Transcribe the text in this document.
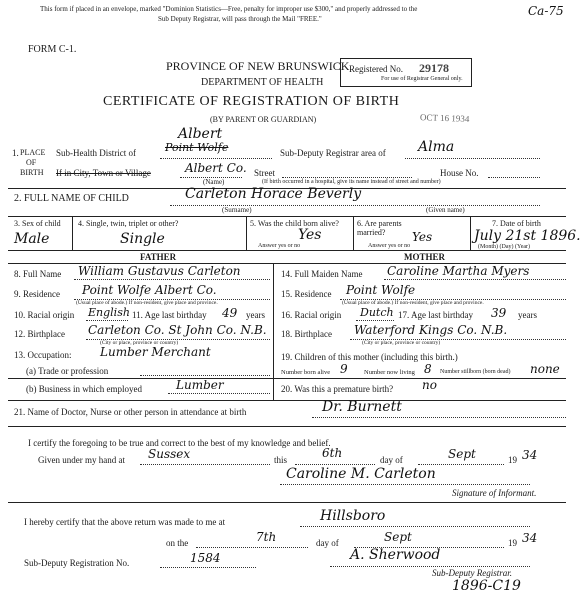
This form if placed in an envelope, marked "Dominion Statistics—Free, penalty for improper use $300," and properly addressed to the
Sub Deputy Registrar, will pass through the Mail "FREE."
Ca-75
FORM C-1.
PROVINCE OF NEW BRUNSWICK
DEPARTMENT OF HEALTH
CERTIFICATE OF REGISTRATION OF BIRTH
(BY PARENT OR GUARDIAN)
Registered No. 29178
For use of Registrar General only.
OCT 16 1934
1. PLACE
OF
BIRTH
Albert
Sub-Health District of	Point Wolfe	Sub-Deputy Registrar area of Alma
If in City, Town or Village	Albert Co.
(Name)
Street	House No.
(If birth occurred in a hospital, give its name instead of street and number)
2. FULL NAME OF CHILD	Carleton Horace Beverly
(Surname)	(Given name)
3. Sex of child
Male
4. Single, twin, triplet or other?
Single
5. Was the child born alive?
Yes
Answer yes or no
6. Are parents married?	Yes
Answer yes or no
7. Date of birth
July 21st 1896.
(Month) (Day) (Year)
FATHER	MOTHER
8. Full Name William Gustavus Carleton
9. Residence Point Wolfe Albert Co.
(Usual place of abode.) If non-resident, give place and province.
10. Racial origin English 11. Age last birthday 49 years
12. Birthplace Carleton Co. St John Co. N.B.
(City or place, province or country)
13. Occupation: Lumber Merchant
(a) Trade or profession
(b) Business in which employed	Lumber
14. Full Maiden Name Caroline Martha Myers
15. Residence Point Wolfe
(Usual place of abode.) If non-resident, give place and province.
16. Racial origin Dutch 17. Age last birthday 39 years
18. Birthplace Waterford Kings Co. N.B.
(City or place, province or country)
19. Children of this mother (including this birth.)
Number born alive 9	Number now living 8 Number stillborn (born dead) none
20. Was this a premature birth? no
21. Name of Doctor, Nurse or other person in attendance at birth	Dr. Burnett
I certify the foregoing to be true and correct to the best of my knowledge and belief.
Given under my hand at Sussex	this	6th	day of	Sept	19 34
Caroline M. Carleton
Signature of Informant.
I hereby certify that the above return was made to me at	Hillsboro
on the	7th	day of	Sept	19 34
Sub-Deputy Registration No.	1584	A. Sherwood
Sub-Deputy Registrar.
1896-C19
